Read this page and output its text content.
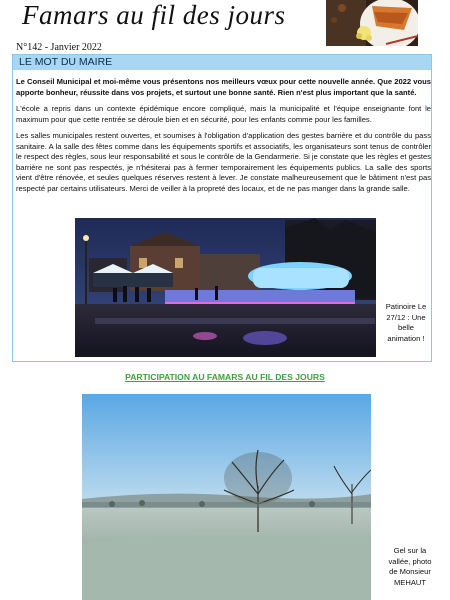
Famars au fil des jours
N°142 - Janvier 2022
LE MOT DU MAIRE

Le Conseil Municipal et moi-même vous présentons nos meilleurs vœux pour cette nouvelle année. Que 2022 vous apporte bonheur, réussite dans vos projets, et surtout une bonne santé. Rien n'est plus important que la santé.

L'école a repris dans un contexte épidémique encore compliqué, mais la municipalité et l'équipe enseignante font le maximum pour que cette rentrée se déroule bien et en sécurité, pour les enfants comme pour les familles.

Les salles municipales restent ouvertes, et soumises à l'obligation d'application des gestes barrière et du contrôle du pass sanitaire. A la salle des fêtes comme dans les équipements sportifs et associatifs, les organisateurs sont tenus de contrôler le respect des règles, sous leur responsabilité et sous le contrôle de la Gendarmerie. Si je constate que les règles et gestes barrière ne sont pas respectés, je n'hésiterai pas à fermer temporairement les équipements publics. La salle des sports vient d'être rénovée, et seules quelques réserves restent à lever. Je constate malheureusement que le bâtiment n'est pas respecté par certains utilisateurs. Merci de veiller à la propreté des locaux, et de ne pas manger dans la grande salle.

Patinoire Le 27/12 : Une belle animation !
PARTICIPATION AU FAMARS AU FIL DES JOURS
Gel sur la vallée, photo de Monsieur MEHAUT
